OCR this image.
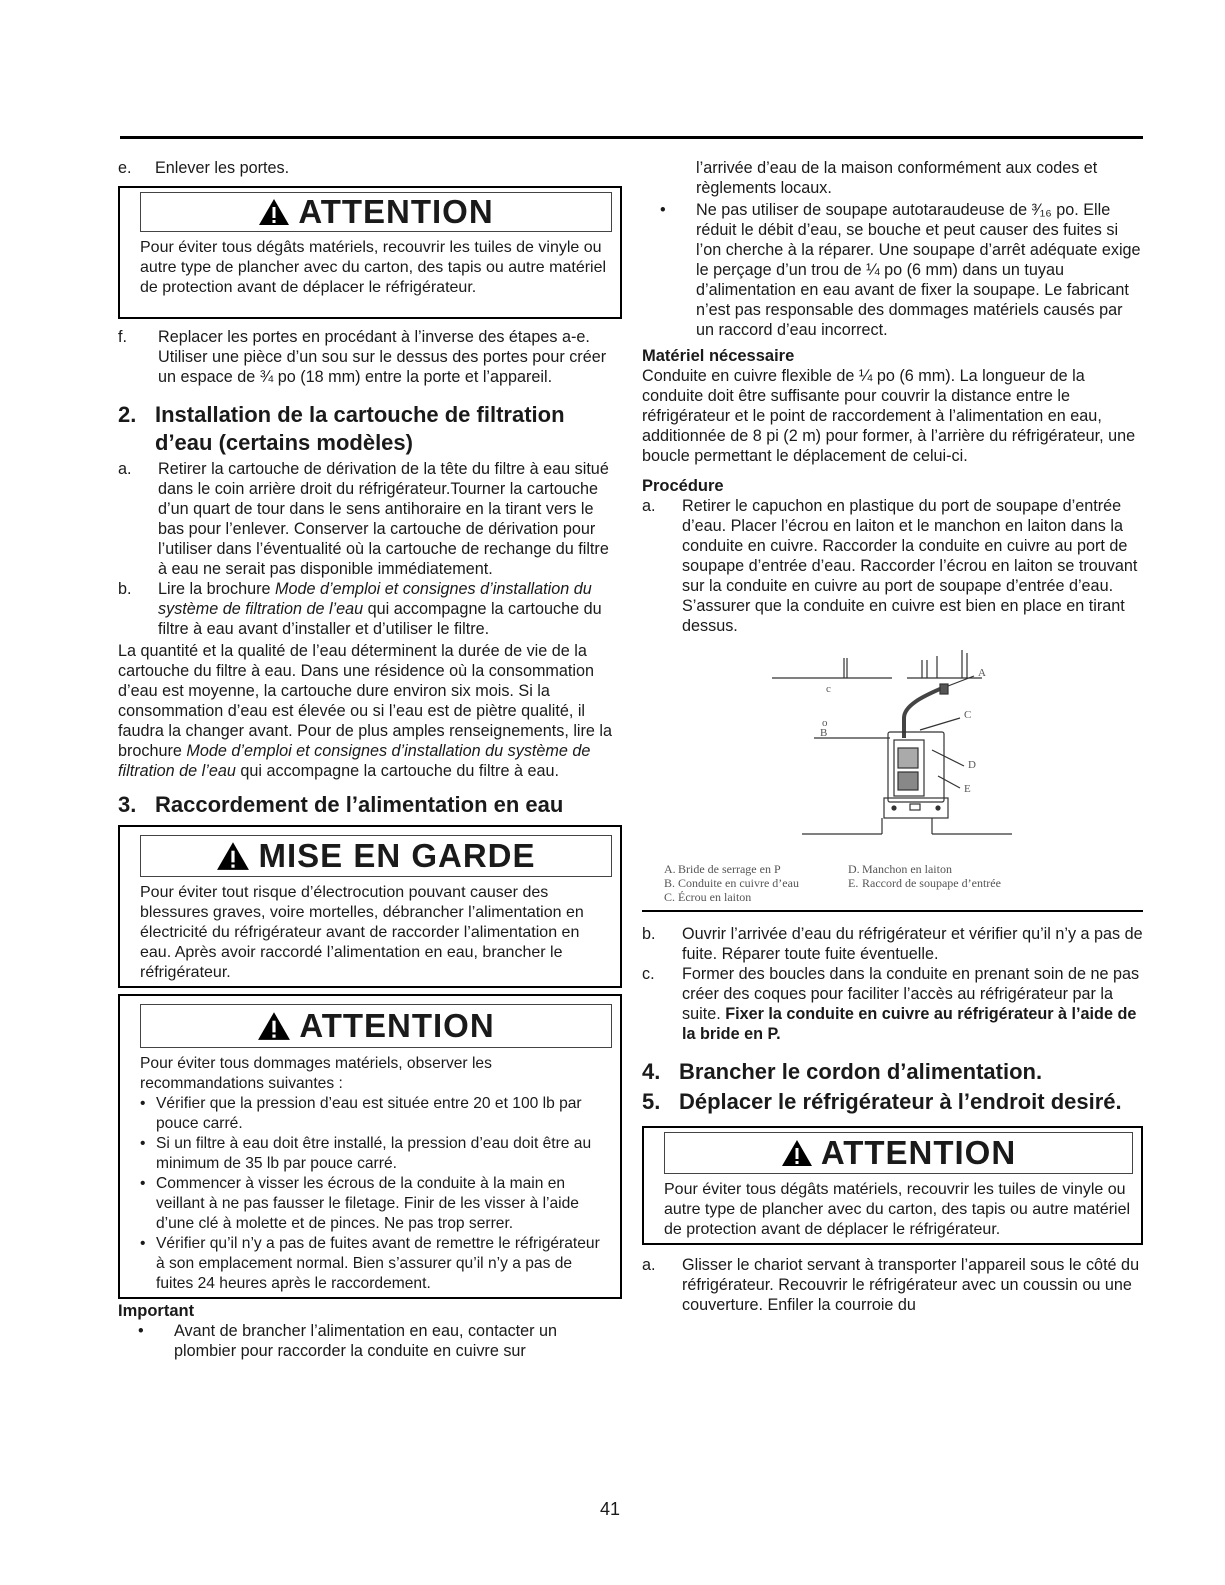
e.	Enlever les portes.
ATTENTION
Pour éviter tous dégâts matériels, recouvrir les tuiles de vinyle ou autre type de plancher avec du carton, des tapis ou autre matériel de protection avant de déplacer le réfrigérateur.
f.	Replacer les portes en procédant à l’inverse des étapes a-e. Utiliser une pièce d’un sou sur le dessus des portes pour créer un espace de ¾ po (18 mm) entre la porte et l’appareil.
2. Installation de la cartouche de filtration d’eau (certains modèles)
a.	Retirer la cartouche de dérivation de la tête du filtre à eau situé dans le coin arrière droit du réfrigérateur.Tourner la cartouche d’un quart de tour dans le sens antihoraire en la tirant vers le bas pour l’enlever. Conserver la cartouche de dérivation pour l’utiliser dans l’éventualité où la cartouche de rechange du filtre à eau ne serait pas disponible immédiatement.
b.	Lire la brochure Mode d’emploi et consignes d’installation du système de filtration de l’eau qui accompagne la cartouche du filtre à eau avant d’installer et d’utiliser le filtre.

La quantité et la qualité de l’eau déterminent la durée de vie de la cartouche du filtre à eau. Dans une résidence où la consommation d’eau est moyenne, la cartouche dure environ six mois. Si la consommation d’eau est élevée ou si l’eau est de piètre qualité, il faudra la changer avant. Pour de plus amples renseignements, lire la brochure Mode d’emploi et consignes d’installation du système de filtration de l’eau qui accompagne la cartouche du filtre à eau.

3. Raccordement de l’alimentation en eau
MISE EN GARDE
Pour éviter tout risque d’électrocution pouvant causer des blessures graves, voire mortelles, débrancher l’alimentation en électricité du réfrigérateur avant de raccorder l’alimentation en eau. Après avoir raccordé l’alimentation en eau, brancher le réfrigérateur.
ATTENTION
Pour éviter tous dommages matériels, observer les recommandations suivantes :
• Vérifier que la pression d’eau est située entre 20 et 100 lb par pouce carré.
• Si un filtre à eau doit être installé, la pression d’eau doit être au minimum de 35 lb par pouce carré.
• Commencer à visser les écrous de la conduite à la main en veillant à ne pas fausser le filetage. Finir de les visser à l’aide d’une clé à molette et de pinces. Ne pas trop serrer.
• Vérifier qu’il n’y a pas de fuites avant de remettre le réfrigérateur à son emplacement normal. Bien s’assurer qu’il n’y a pas de fuites 24 heures après le raccordement.
Important
•	Avant de brancher l’alimentation en eau, contacter un plombier pour raccorder la conduite en cuivre sur

l’arrivée d’eau de la maison conformément aux codes et règlements locaux.

•	Ne pas utiliser de soupape autotaraudeuse de ³⁄₁₆ po. Elle réduit le débit d’eau, se bouche et peut causer des fuites si l’on cherche à la réparer. Une soupape d’arrêt adéquate exige le perçage d’un trou de ¼ po (6 mm) dans un tuyau d’alimentation en eau avant de fixer la soupape. Le fabricant n’est pas responsable des dommages matériels causés par un raccord d’eau incorrect.
Matériel nécessaire

Conduite en cuivre flexible de ¼ po (6 mm). La longueur de la conduite doit être suffisante pour couvrir la distance entre le réfrigérateur et le point de raccordement à l’alimentation en eau, additionnée de 8 pi (2 m) pour former, à l’arrière du réfrigérateur, une boucle permettant le déplacement de celui-ci.

Procédure
a.	Retirer le capuchon en plastique du port de soupape d’entrée d’eau. Placer l’écrou en laiton et le manchon en laiton dans la conduite en cuivre. Raccorder la conduite en cuivre au port de soupape d’entrée d’eau. Raccorder l’écrou en laiton se trouvant sur la conduite en cuivre au port de soupape d’entrée d’eau. S’assurer que la conduite en cuivre est bien en place en tirant dessus.
A
B
C
D
E
c
o
A. Bride de serrage en P	D. Manchon en laiton
B. Conduite en cuivre d’eau	E. Raccord de soupape d’entrée
C. Écrou en laiton
b.	Ouvrir l’arrivée d’eau du réfrigérateur et vérifier qu’il n’y a pas de fuite. Réparer toute fuite éventuelle.
c.	Former des boucles dans la conduite en prenant soin de ne pas créer des coques pour faciliter l’accès au réfrigérateur par la suite. Fixer la conduite en cuivre au réfrigérateur à l’aide de la bride en P.
4. Brancher le cordon d’alimentation.
5. Déplacer le réfrigérateur à l’endroit desiré.
ATTENTION
Pour éviter tous dégâts matériels, recouvrir les tuiles de vinyle ou autre type de plancher avec du carton, des tapis ou autre matériel de protection avant de déplacer le réfrigérateur.
a.	Glisser le chariot servant à transporter l’appareil sous le côté du réfrigérateur. Recouvrir le réfrigérateur avec un coussin ou une couverture. Enfiler la courroie du
41
